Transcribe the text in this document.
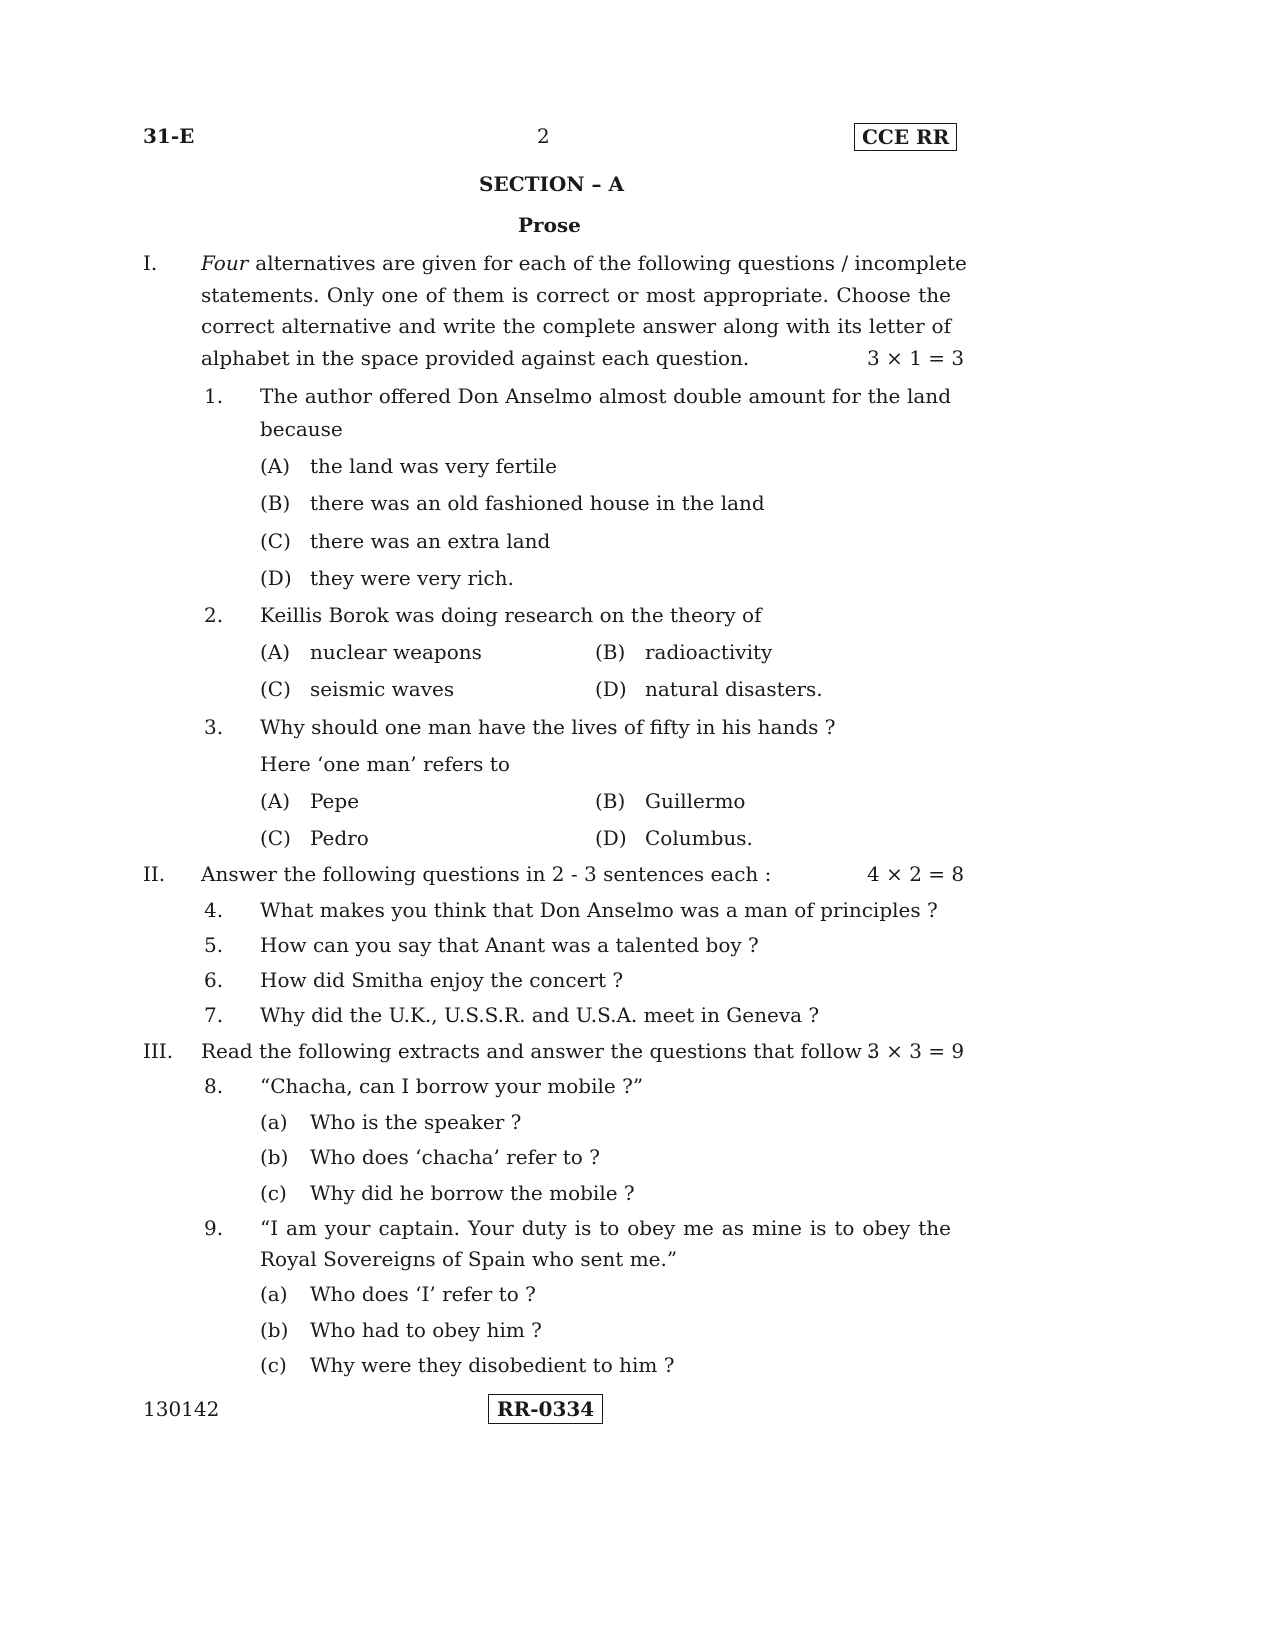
31-E	2	CCE RR
SECTION – A
Prose
I. Four alternatives are given for each of the following questions / incomplete
statements. Only one of them is correct or most appropriate. Choose the
correct alternative and write the complete answer along with its letter of
alphabet in the space provided against each question.	3 × 1 = 3
1. The author offered Don Anselmo almost double amount for the land
because
(A) the land was very fertile
(B) there was an old fashioned house in the land
(C) there was an extra land
(D) they were very rich.
2. Keillis Borok was doing research on the theory of
(A) nuclear weapons	(B) radioactivity
(C) seismic waves	(D) natural disasters.
3. Why should one man have the lives of fifty in his hands ?
Here ‘one man’ refers to
(A) Pepe	(B) Guillermo
(C) Pedro	(D) Columbus.
II. Answer the following questions in 2 - 3 sentences each :	4 × 2 = 8
4. What makes you think that Don Anselmo was a man of principles ?
5. How can you say that Anant was a talented boy ?
6. How did Smitha enjoy the concert ?
7. Why did the U.K., U.S.S.R. and U.S.A. meet in Geneva ?
III. Read the following extracts and answer the questions that follow :
3 × 3 = 9
8. “Chacha, can I borrow your mobile ?”
(a) Who is the speaker ?
(b) Who does ‘chacha’ refer to ?
(c) Why did he borrow the mobile ?
9. “I am your captain. Your duty is to obey me as mine is to obey the
Royal Sovereigns of Spain who sent me.”
(a) Who does ‘I’ refer to ?
(b) Who had to obey him ?
(c) Why were they disobedient to him ?
130142	RR-0334
